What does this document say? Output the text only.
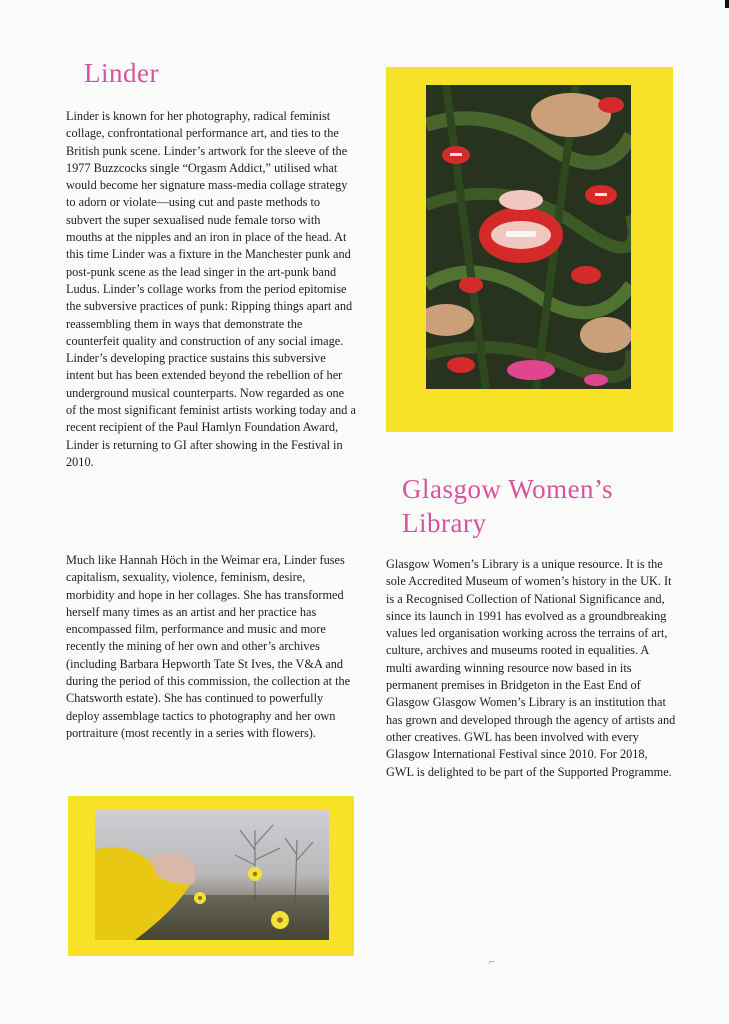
Linder

Linder is known for her photography, radical feminist collage, confrontational performance art, and ties to the British punk scene. Linder’s artwork for the sleeve of the 1977 Buzzcocks single “Orgasm Addict,” utilised what would become her signature mass-media collage strategy to adorn or violate—using cut and paste methods to subvert the super sexualised nude female torso with mouths at the nipples and an iron in place of the head. At this time Linder was a fixture in the Manchester punk and post-punk scene as the lead singer in the art-punk band Ludus. Linder’s collage works from the period epitomise the subversive practices of punk: Ripping things apart and reassembling them in ways that demonstrate the counterfeit quality and construction of any social image. Linder’s developing practice sustains this subversive intent but has been extended beyond the rebellion of her underground musical counterparts. Now regarded as one of the most significant feminist artists working today and a recent recipient of the Paul Hamlyn Foundation Award, Linder is returning to GI after showing in the Festival in 2010.

Much like Hannah Höch in the Weimar era, Linder fuses capitalism, sexuality, violence, feminism, desire, morbidity and hope in her collages. She has transformed herself many times as an artist and her practice has encompassed film, performance and music and more recently the mining of her own and other’s archives (including Barbara Hepworth Tate St Ives, the V&A and during the period of this commission, the collection at the Chatsworth estate). She has continued to powerfully deploy assemblage tactics to photography and her own portraiture (most recently in a series with flowers).

Glasgow Women’s Library

Glasgow Women’s Library is a unique resource. It is the sole Accredited Museum of women’s history in the UK. It is a Recognised Collection of National Significance and, since its launch in 1991 has evolved as a groundbreaking values led organisation working across the terrains of art, culture, archives and museums rooted in equalities. A multi awarding winning resource now based in its permanent premises in Bridgeton in the East End of Glasgow Glasgow Women’s Library is an institution that has grown and developed through the agency of artists and other creatives. GWL has been involved with every Glasgow International Festival since 2010. For 2018, GWL is delighted to be part of the Supported Programme.

⌐
